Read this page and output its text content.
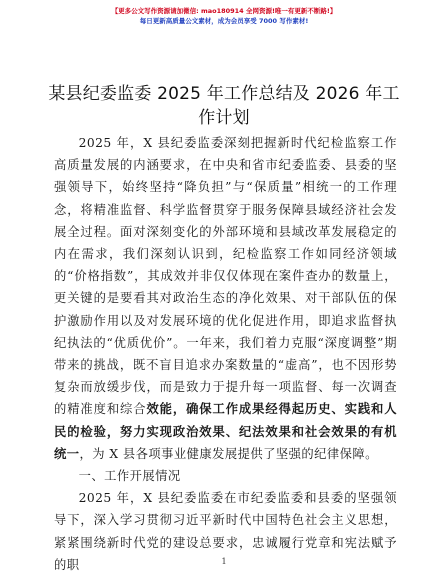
【更多公文写作资源请加微信: mao180914 全网资源!唯一有更新不断路!】
每日更新高质量公文素材，成为会员享受 7000 写作素材!
某县纪委监委 2025 年工作总结及 2026 年工作计划

2025 年，X 县纪委监委深刻把握新时代纪检监察工作高质量发展的内涵要求，在中央和省市纪委监委、县委的坚强领导下，始终坚持“降负担”与“保质量”相统一的工作理念，将精准监督、科学监督贯穿于服务保障县域经济社会发展全过程。面对深刻变化的外部环境和县域改革发展稳定的内在需求，我们深刻认识到，纪检监察工作如同经济领域的“价格指数”，其成效并非仅仅体现在案件查办的数量上，更关键的是要看其对政治生态的净化效果、对干部队伍的保护激励作用以及对发展环境的优化促进作用，即追求监督执纪执法的“优质优价”。一年来，我们着力克服“深度调整”期带来的挑战，既不盲目追求办案数量的“虚高”，也不因形势复杂而放缓步伐，而是致力于提升每一项监督、每一次调查的精准度和综合效能，确保工作成果经得起历史、实践和人民的检验，努力实现政治效果、纪法效果和社会效果的有机统一，为 X 县各项事业健康发展提供了坚强的纪律保障。

一、工作开展情况

2025 年，X 县纪委监委在市纪委监委和县委的坚强领导下，深入学习贯彻习近平新时代中国特色社会主义思想，紧紧围绕新时代党的建设总要求，忠诚履行党章和宪法赋予的职	1
